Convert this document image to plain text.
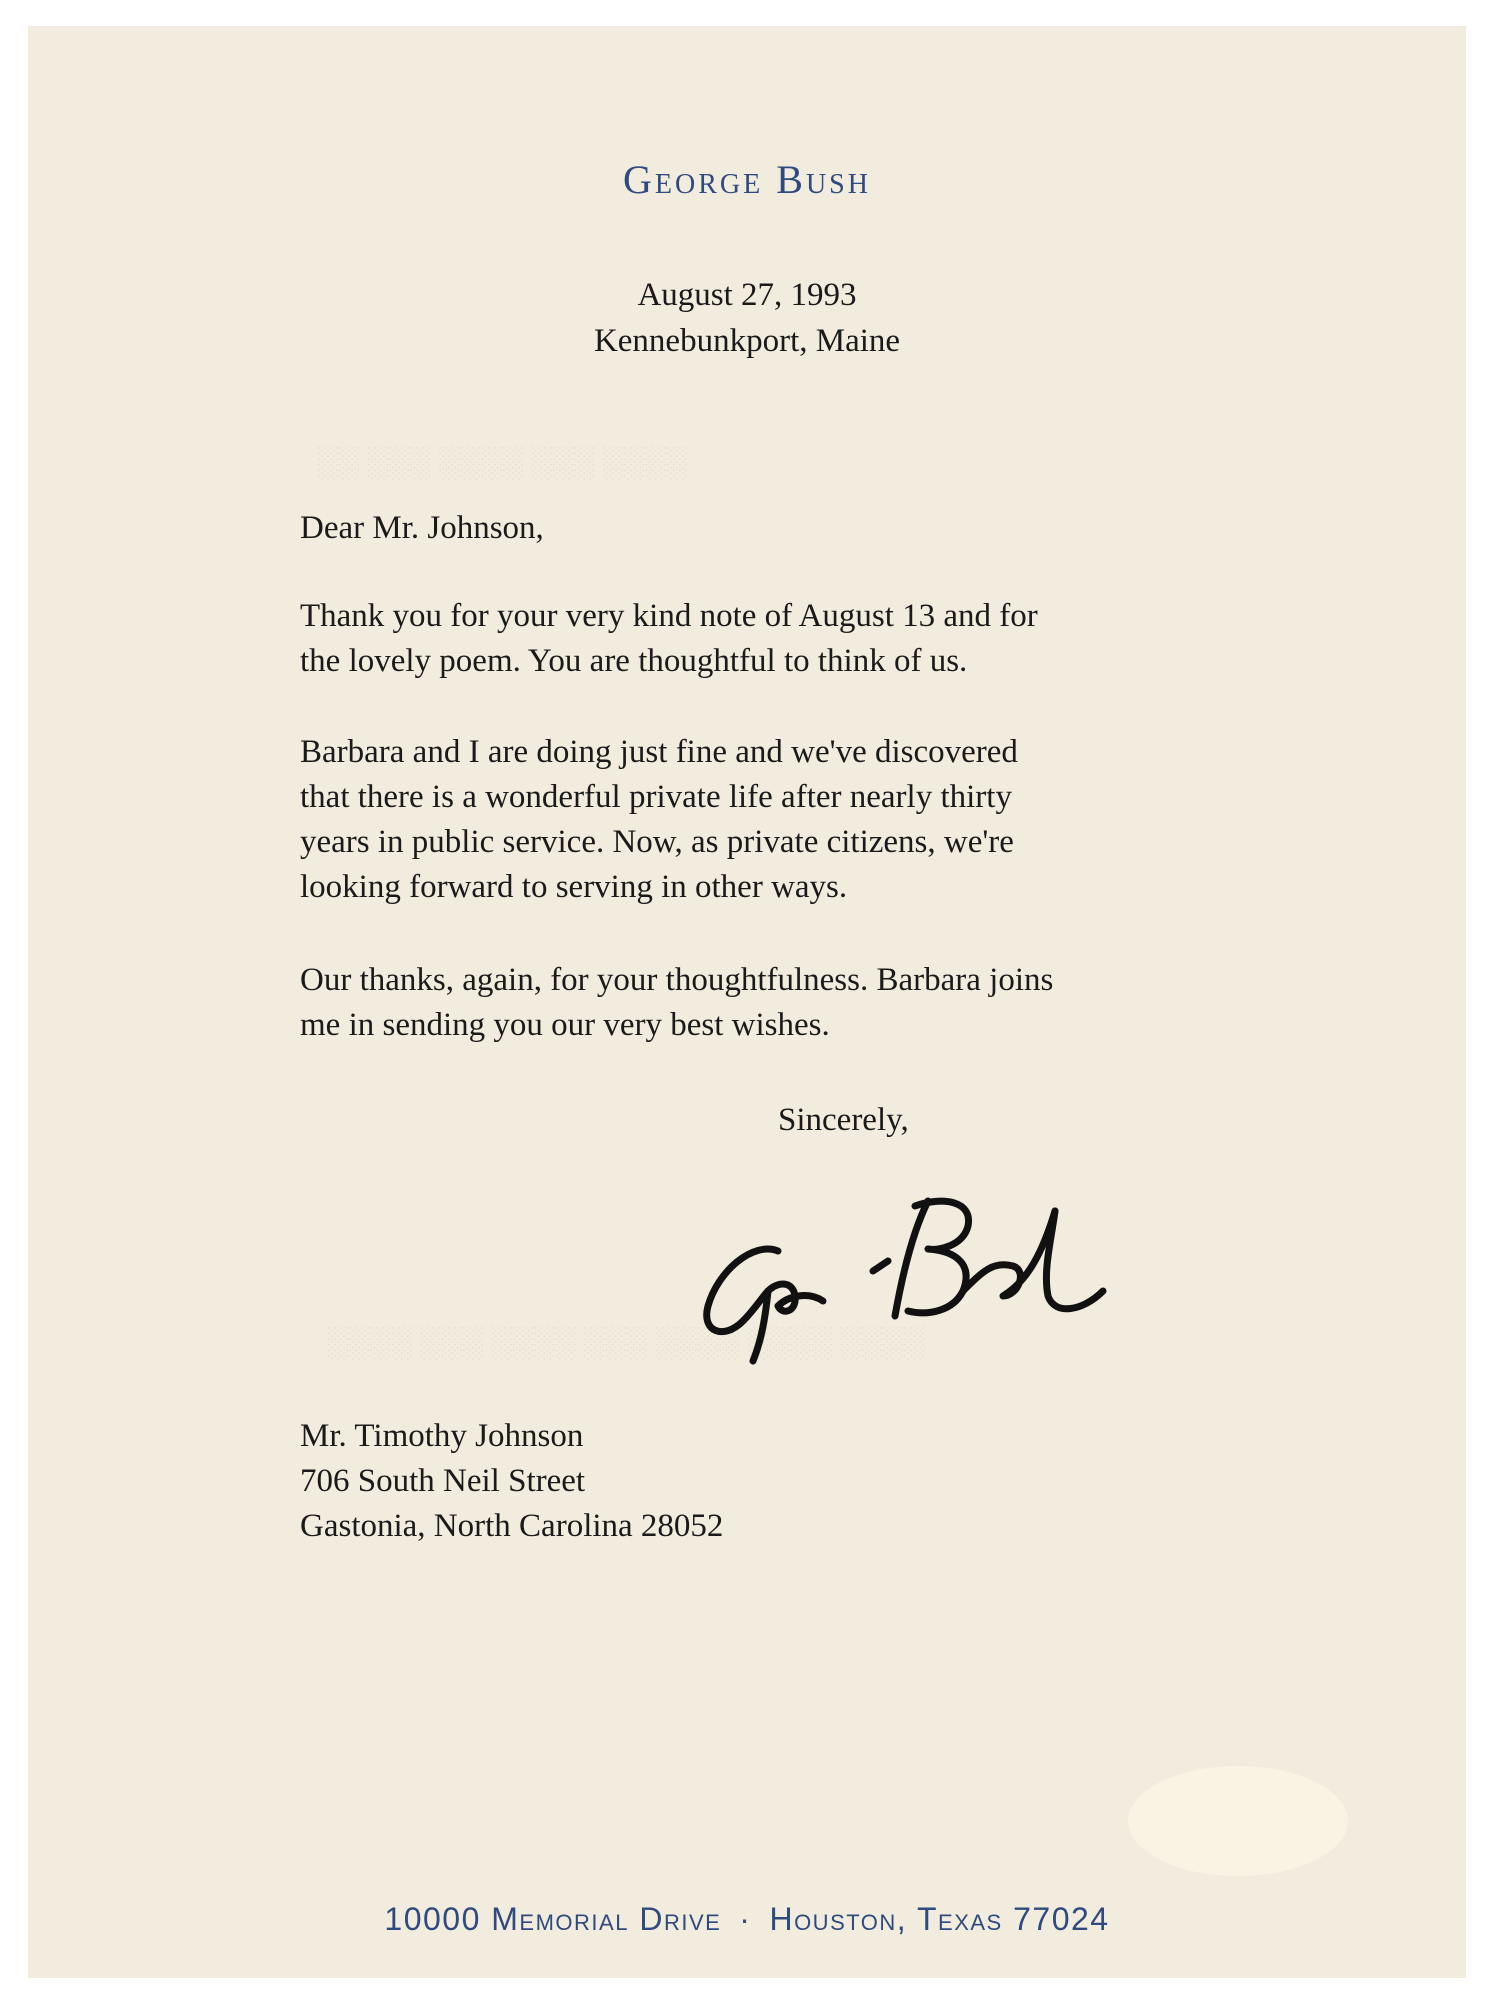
░░░░ ░░░ ░░░░ ░░░ ░░
░░░░ ░░░░ ░░░░ ░░░ ░░░░ ░░░ ░░░░
George Bush
August 27, 1993
Kennebunkport, Maine
Dear Mr. Johnson,
Thank you for your very kind note of August 13 and for
the lovely poem. You are thoughtful to think of us.
Barbara and I are doing just fine and we've discovered
that there is a wonderful private life after nearly thirty
years in public service. Now, as private citizens, we're
looking forward to serving in other ways.
Our thanks, again, for your thoughtfulness. Barbara joins
me in sending you our very best wishes.
Sincerely,
Mr. Timothy Johnson
706 South Neil Street
Gastonia, North Carolina 28052
10000 Memorial Drive · Houston, Texas 77024
